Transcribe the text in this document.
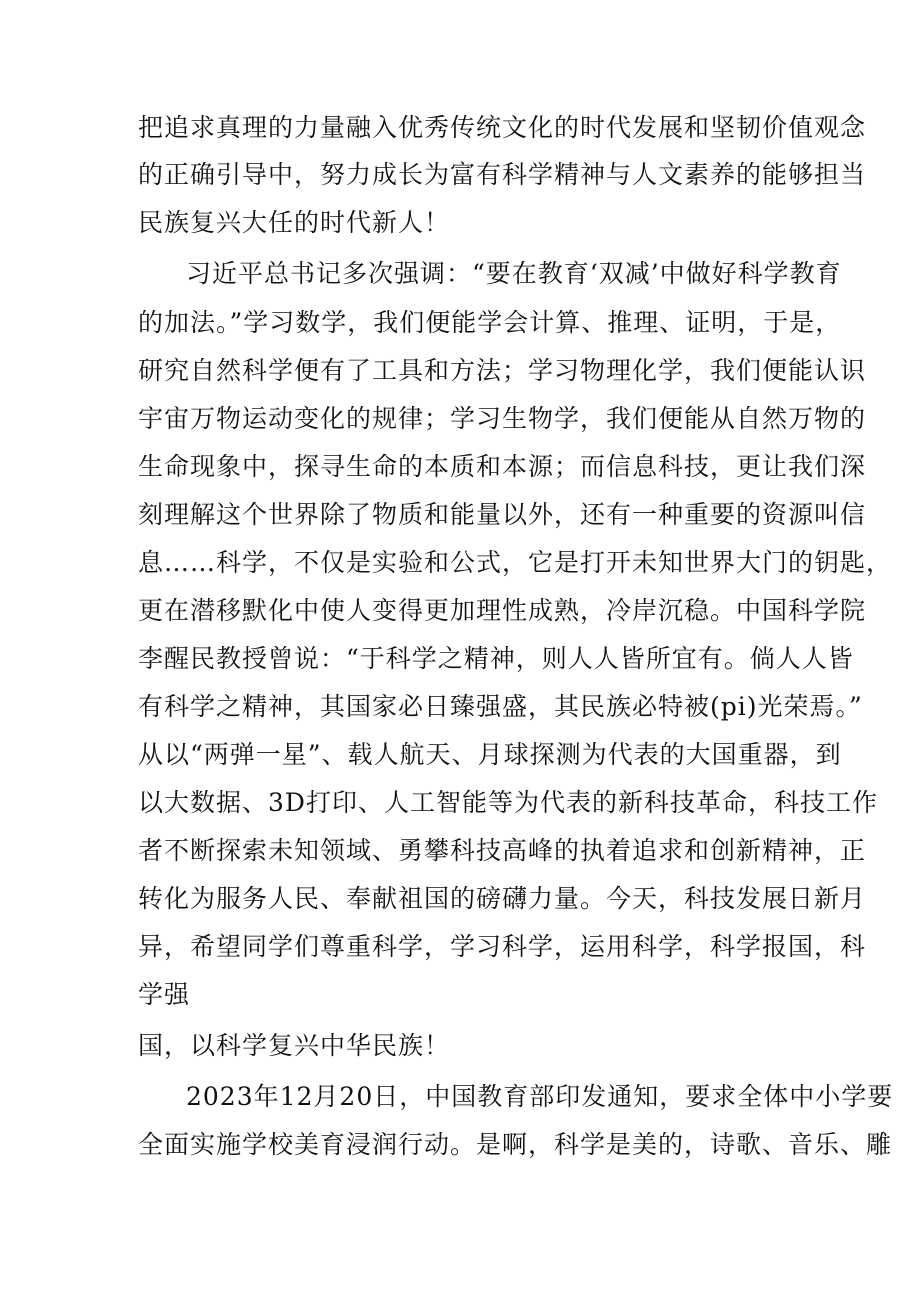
把追求真理的力量融入优秀传统文化的时代发展和坚韧价值观念
的正确引导中，努力成长为富有科学精神与人文素养的能够担当
民族复兴大任的时代新人！
习近平总书记多次强调：“要在教育‘双减’中做好科学教育
的加法。”学习数学，我们便能学会计算、推理、证明，于是，
研究自然科学便有了工具和方法；学习物理化学，我们便能认识
宇宙万物运动变化的规律；学习生物学，我们便能从自然万物的
生命现象中，探寻生命的本质和本源；而信息科技，更让我们深
刻理解这个世界除了物质和能量以外，还有一种重要的资源叫信
息……科学，不仅是实验和公式，它是打开未知世界大门的钥匙，
更在潜移默化中使人变得更加理性成熟，冷岸沉稳。中国科学院
李醒民教授曾说：“于科学之精神，则人人皆所宜有。倘人人皆
有科学之精神，其国家必日臻强盛，其民族必特被(pi)光荣焉。”
从以“两弹一星”、载人航天、月球探测为代表的大国重器，到
以大数据、3D打印、人工智能等为代表的新科技革命，科技工作
者不断探索未知领域、勇攀科技高峰的执着追求和创新精神，正
转化为服务人民、奉献祖国的磅礴力量。今天，科技发展日新月
异，希望同学们尊重科学，学习科学，运用科学，科学报国，科
学强
国，以科学复兴中华民族！
2023年12月20日，中国教育部印发通知，要求全体中小学要
全面实施学校美育浸润行动。是啊，科学是美的，诗歌、音乐、雕
